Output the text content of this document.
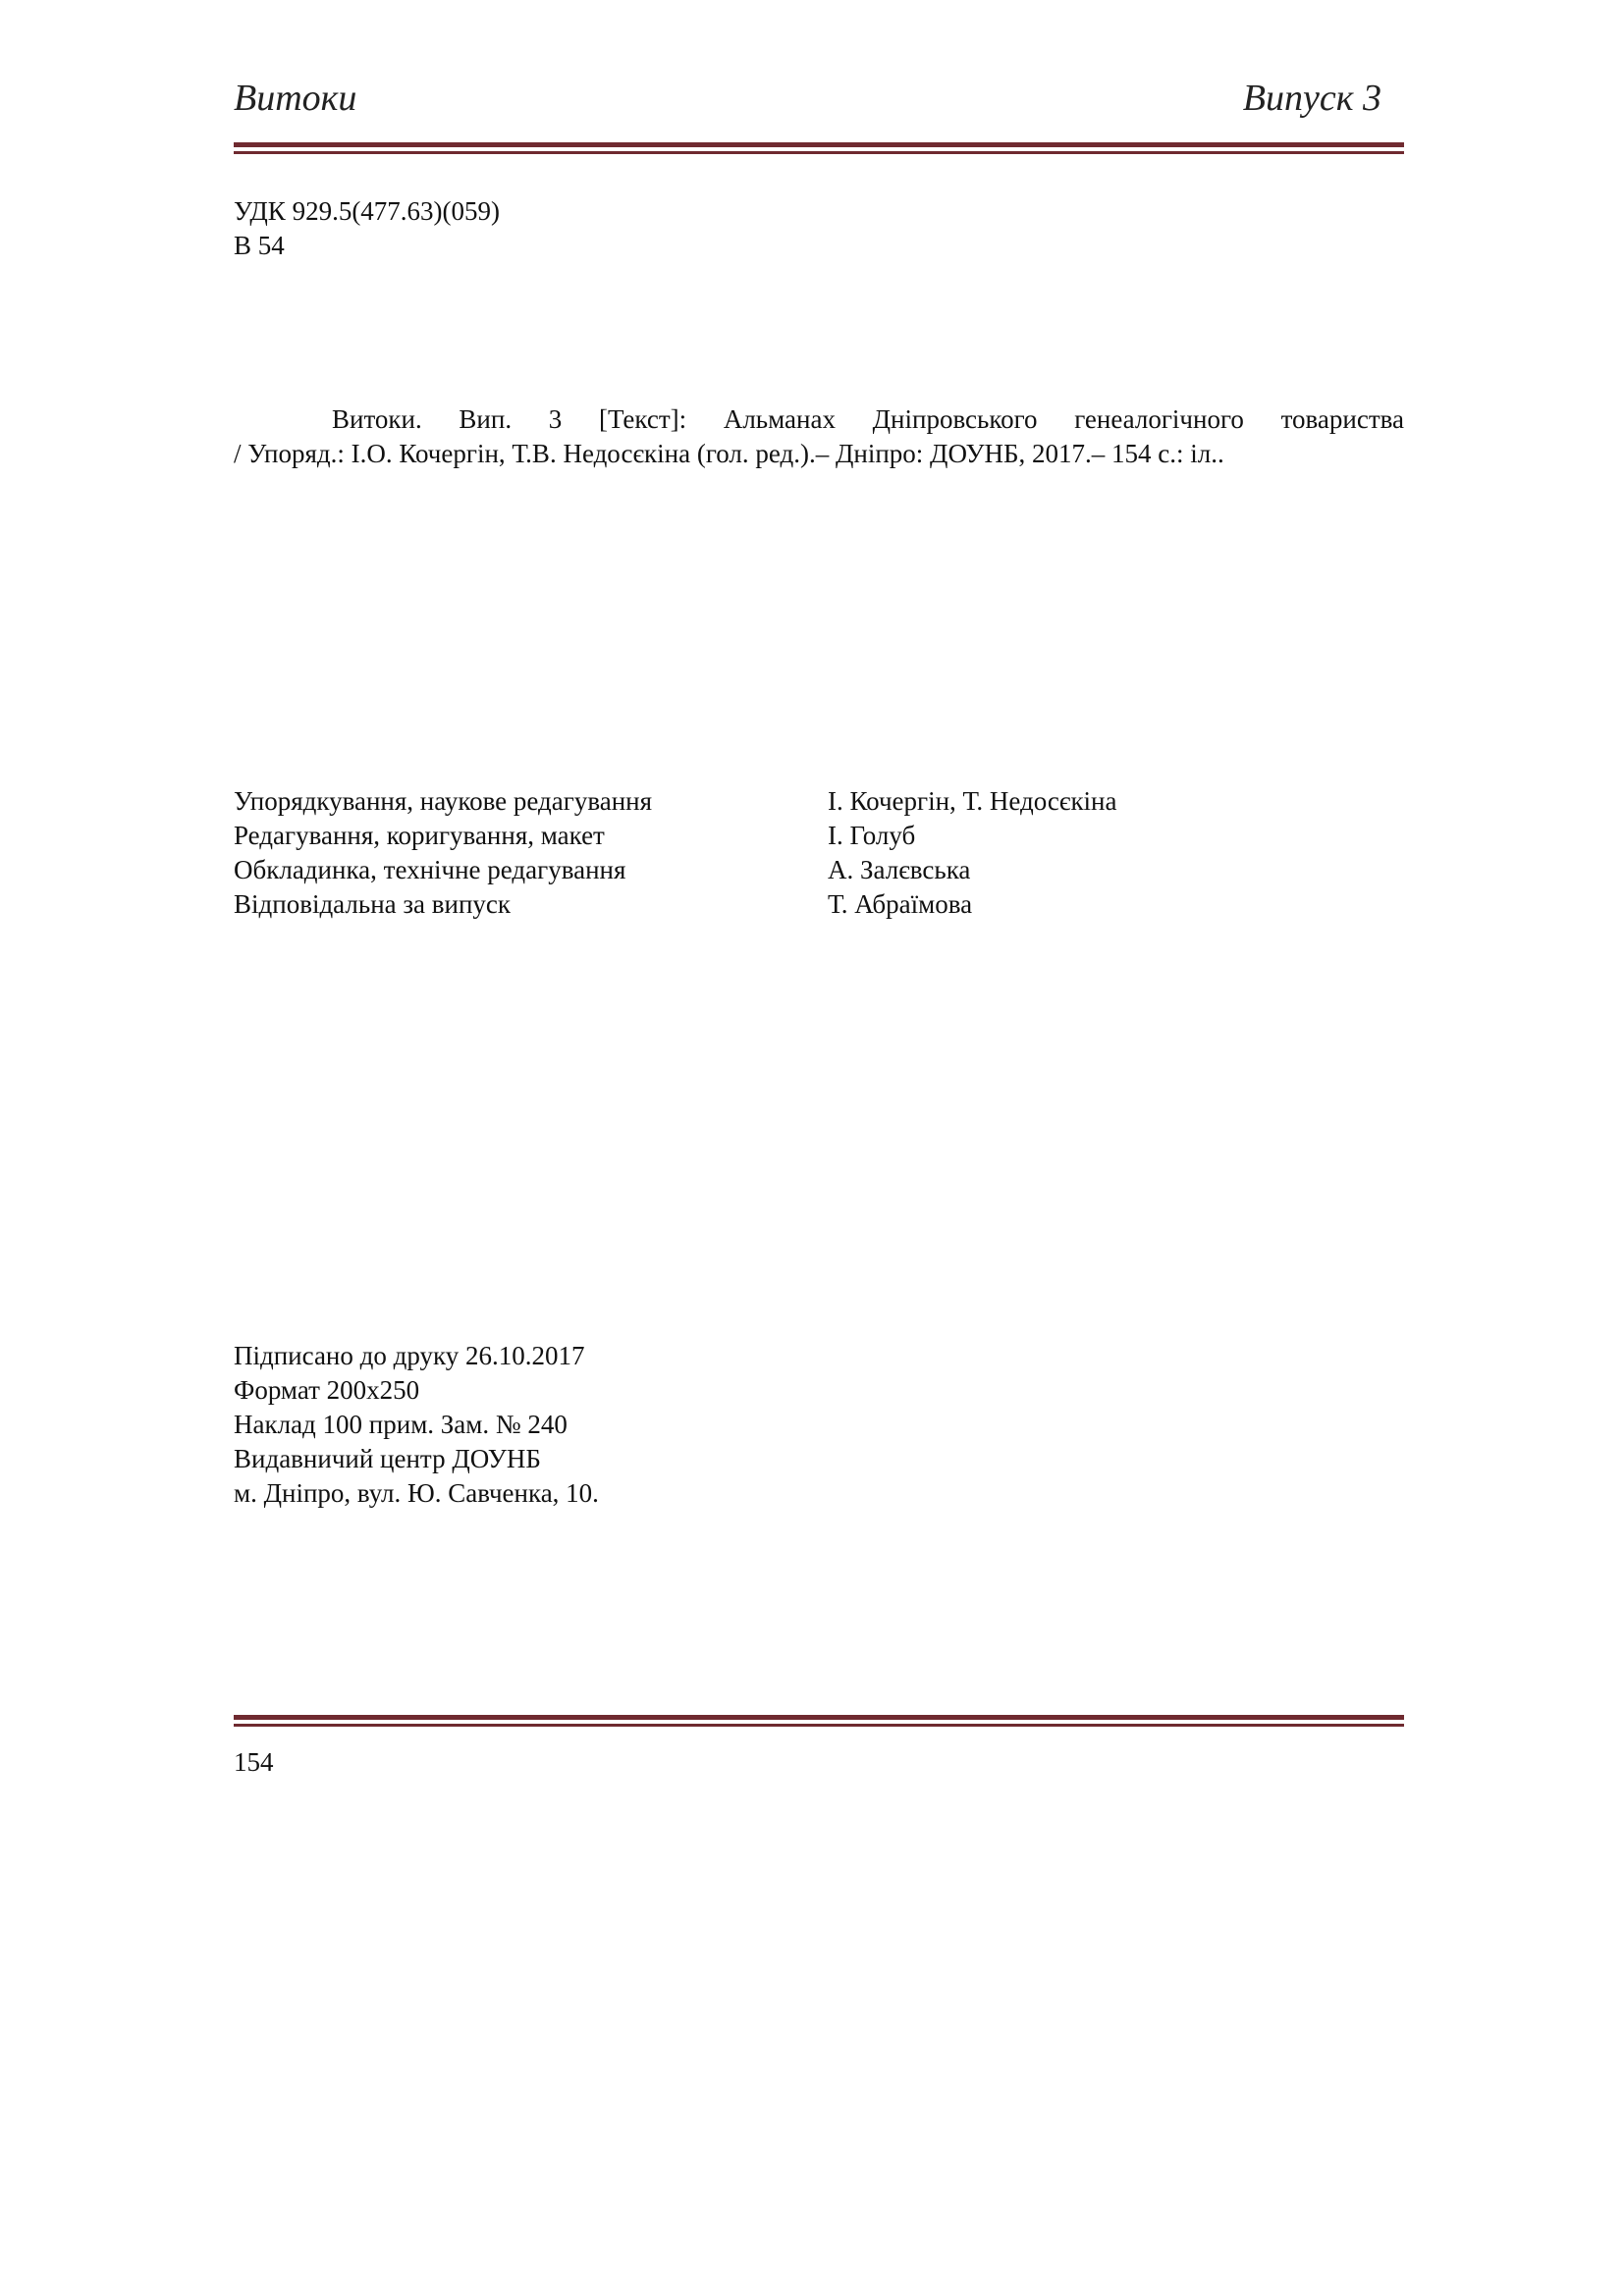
Витоки	Випуск 3
УДК 929.5(477.63)(059)
В 54
Витоки. Вип. 3 [Текст]: Альманах Дніпровського генеалогічного товариства
/ Упоряд.: І.О. Кочергін, Т.В. Недосєкіна (гол. ред.).– Дніпро: ДОУНБ, 2017.– 154 с.: іл..
Упорядкування, наукове редагування	І. Кочергін, Т. Недосєкіна
Редагування, коригування, макет	І. Голуб
Обкладинка, технічне редагування	А. Залєвська
Відповідальна за випуск	Т. Абраїмова
Підписано до друку 26.10.2017
Формат 200х250
Наклад 100 прим. Зам. № 240
Видавничий центр ДОУНБ
м. Дніпро, вул. Ю. Савченка, 10.
154
